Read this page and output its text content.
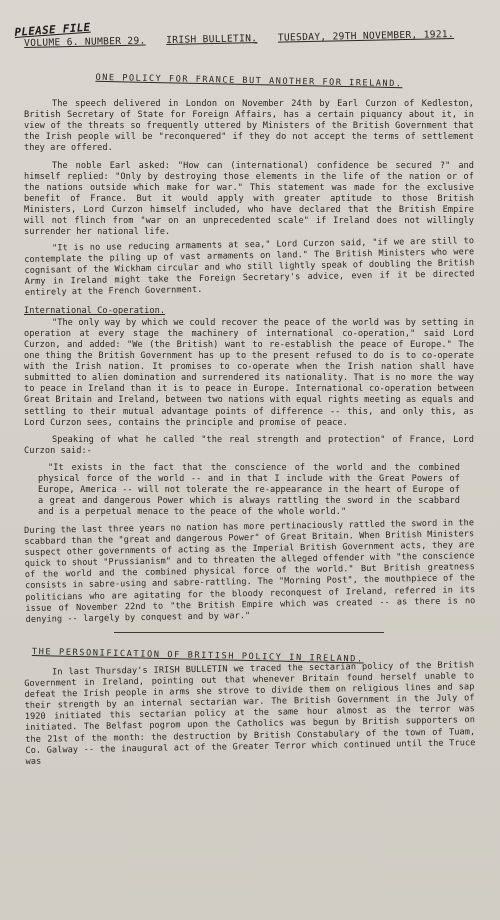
PLEASE FILE
VOLUME 6. NUMBER 29. IRISH BULLETIN. TUESDAY, 29TH NOVEMBER, 1921.
ONE POLICY FOR FRANCE BUT ANOTHER FOR IRELAND.

The speech delivered in London on November 24th by Earl Curzon of Kedleston, British Secretary of State for Foreign Affairs, has a certain piquancy about it, in view of the threats so frequently uttered by Ministers of the British Government that the Irish people will be "reconquered" if they do not accept the terms of settlement they are offered.

The noble Earl asked: "How can (international) confidence be secured ?" and himself replied: "Only by destroying those elements in the life of the nation or of the nations outside which make for war." This statement was made for the exclusive benefit of France. But it would apply with greater aptitude to those British Ministers, Lord Curzon himself included, who have declared that the British Empire will not flinch from "war on an unprecedented scale" if Ireland does not willingly surrender her national life.

"It is no use reducing armaments at sea," Lord Curzon said, "if we are still to contemplate the piling up of vast armaments on land." The British Ministers who were cognisant of the Wickham circular and who still lightly speak of doubling the British Army in Ireland might take the Foreign Secretary's advice, even if it be directed entirely at the French Government.

International Co-operation.

"The only way by which we could recover the peace of the world was by setting in operation at every stage the machinery of international co-operation," said Lord Curzon, and added: "We (the British) want to re-establish the peace of Europe." The one thing the British Government has up to the present refused to do is to co-operate with the Irish nation. It promises to co-operate when the Irish nation shall have submitted to alien domination and surrendered its nationality. That is no more the way to peace in Ireland than it is to peace in Europe. International co-operation between Great Britain and Ireland, between two nations with equal rights meeting as equals and settling to their mutual advantage points of difference -- this, and only this, as Lord Curzon sees, contains the principle and promise of peace.

Speaking of what he called "the real strength and protection" of France, Lord Curzon said:-

"It exists in the fact that the conscience of the world and the combined physical force of the world -- and in that I include with the Great Powers of Europe, America -- will not tolerate the re-appearance in the heart of Europe of a great and dangerous Power which is always rattling the sword in the scabbard and is a perpetual menace to the peace of the whole world."

During the last three years no nation has more pertinaciously rattled the sword in the scabbard than the "great and dangerous Power" of Great Britain. When British Ministers suspect other governments of acting as the Imperial British Government acts, they are quick to shout "Prussianism" and to threaten the alleged offender with "the conscience of the world and the combined physical force of the world." But British greatness consists in sabre-using and sabre-rattling. The "Morning Post", the mouthpiece of the politicians who are agitating for the bloody reconquest of Ireland, referred in its issue of November 22nd to "the British Empire which was created -- as there is no denying -- largely by conquest and by war."

THE PERSONIFICATION OF BRITISH POLICY IN IRELAND.

In last Thursday's IRISH BULLETIN we traced the sectarian policy of the British Government in Ireland, pointing out that whenever Britain found herself unable to defeat the Irish people in arms she strove to divide them on religious lines and sap their strength by an internal sectarian war. The British Government in the July of 1920 initiated this sectarian policy at the same hour almost as the terror was initiated. The Belfast pogrom upon the Catholics was begun by British supporters on the 21st of the month: the destruction by British Constabulary of the town of Tuam, Co. Galway -- the inaugural act of the Greater Terror which continued until the Truce was
